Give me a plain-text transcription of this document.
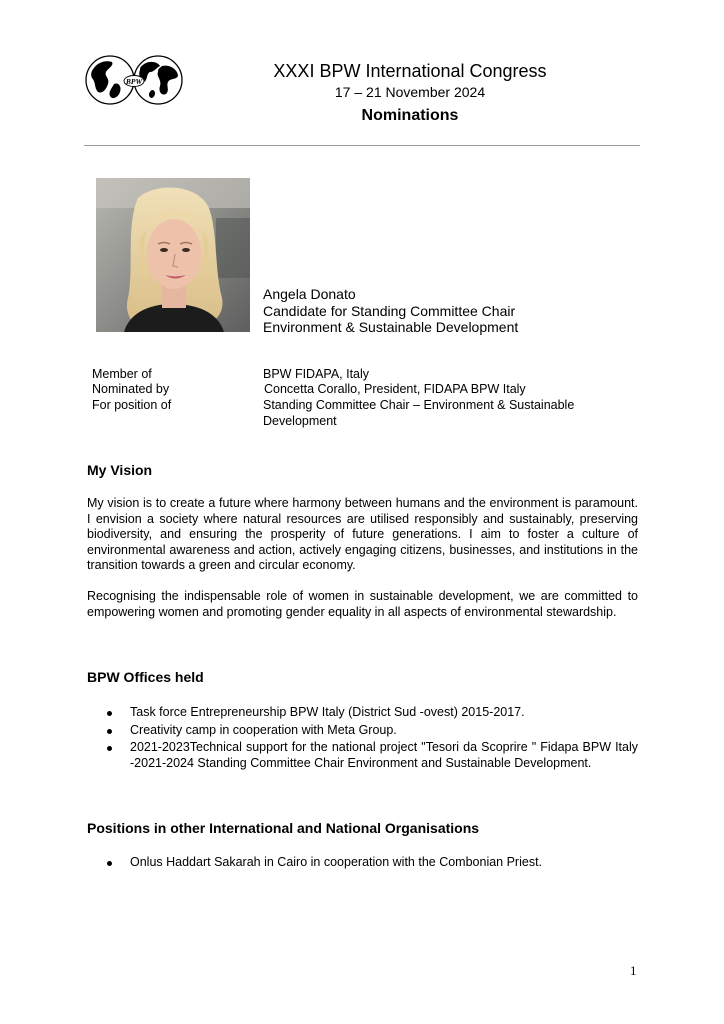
BPW
XXXI BPW International Congress
17 – 21 November 2024
Nominations
Angela Donato
Candidate for Standing Committee Chair
Environment & Sustainable Development
Member of	BPW FIDAPA, Italy
Nominated by	Concetta Corallo, President, FIDAPA BPW Italy
For position of	Standing Committee Chair – Environment & Sustainable Development
My Vision

My vision is to create a future where harmony between humans and the environment is paramount. I envision a society where natural resources are utilised responsibly and sustainably, preserving biodiversity, and ensuring the prosperity of future generations. I aim to foster a culture of environmental awareness and action, actively engaging citizens, businesses, and institutions in the transition towards a green and circular economy.

Recognising the indispensable role of women in sustainable development, we are committed to empowering women and promoting gender equality in all aspects of environmental stewardship.

BPW Offices held
Task force Entrepreneurship BPW Italy (District Sud -ovest) 2015-2017.
Creativity camp in cooperation with Meta Group.
2021-2023Technical support for the national project "Tesori da Scoprire " Fidapa BPW Italy -2021-2024 Standing Committee Chair Environment and Sustainable Development.
Positions in other International and National Organisations
Onlus Haddart Sakarah in Cairo in cooperation with the Combonian Priest.
1
